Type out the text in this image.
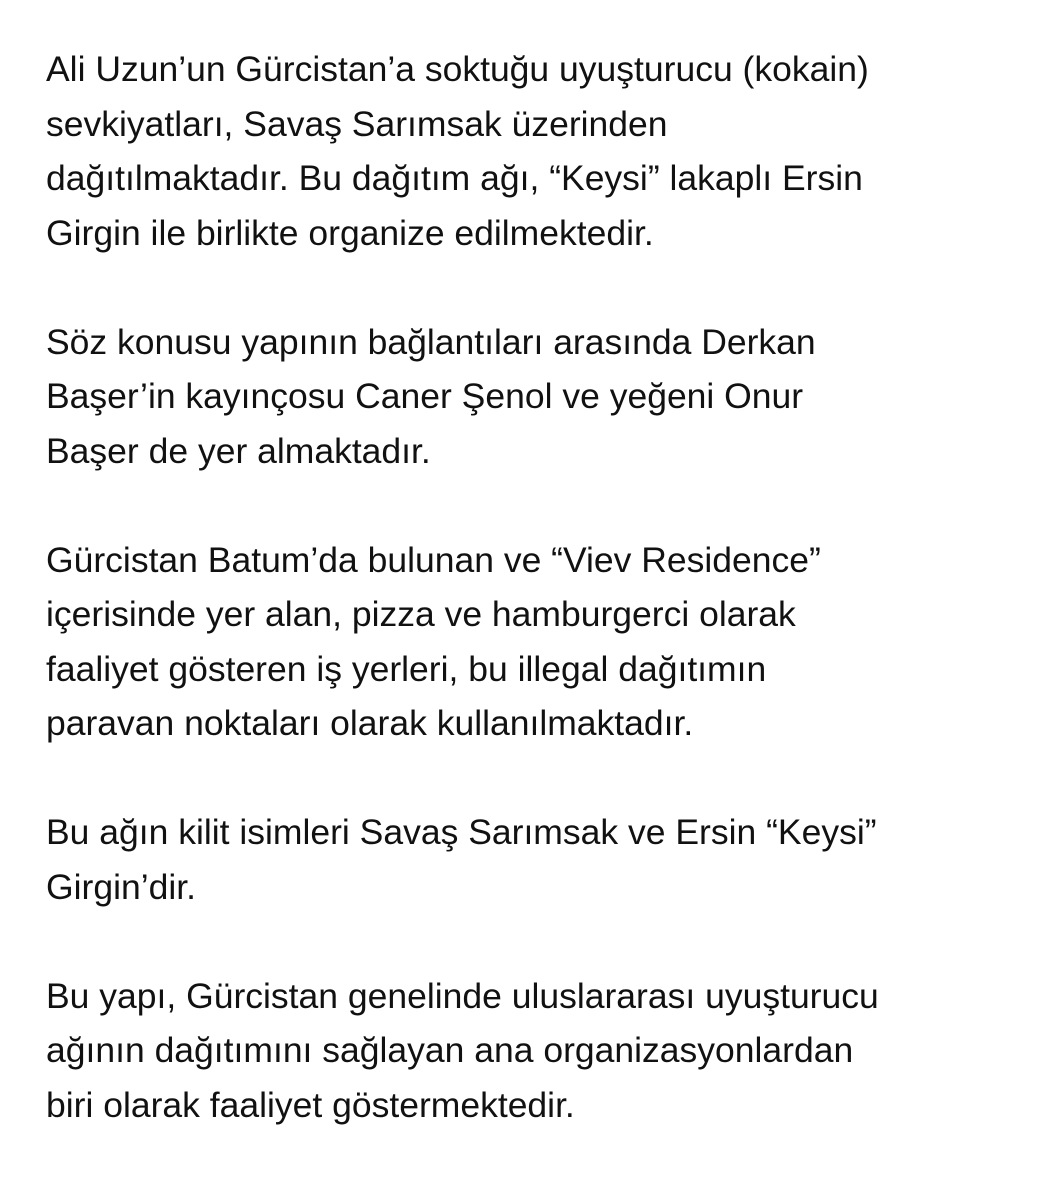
Ali Uzun’un Gürcistan’a soktuğu uyuşturucu (kokain)
sevkiyatları, Savaş Sarımsak üzerinden
dağıtılmaktadır. Bu dağıtım ağı, “Keysi” lakaplı Ersin
Girgin ile birlikte organize edilmektedir.

Söz konusu yapının bağlantıları arasında Derkan
Başer’in kayınçosu Caner Şenol ve yeğeni Onur
Başer de yer almaktadır.

Gürcistan Batum’da bulunan ve “Viev Residence”
içerisinde yer alan, pizza ve hamburgerci olarak
faaliyet gösteren iş yerleri, bu illegal dağıtımın
paravan noktaları olarak kullanılmaktadır.

Bu ağın kilit isimleri Savaş Sarımsak ve Ersin “Keysi”
Girgin’dir.

Bu yapı, Gürcistan genelinde uluslararası uyuşturucu
ağının dağıtımını sağlayan ana organizasyonlardan
biri olarak faaliyet göstermektedir.
